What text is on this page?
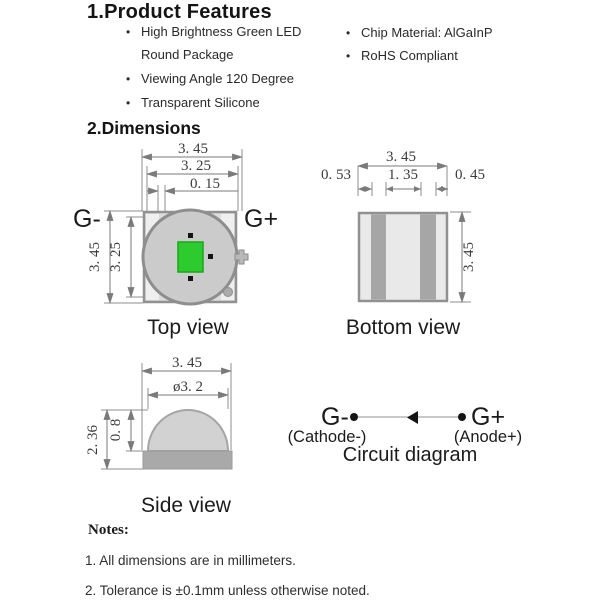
1.Product Features
• High Brightness Green LED
Round Package
• Viewing Angle 120 Degree
• Transparent Silicone
• Chip Material: AlGaInP
• RoHS Compliant
2.Dimensions
3. 45
3. 25
0. 15
3. 45 3. 25
G-	G+
Top view
3. 45
0. 53 1. 35 0. 45
3. 45
Bottom view
3. 45
ø3. 2
2. 36 0. 8
Side view
G-	G+
(Cathode-)	(Anode+)
Circuit diagram
Notes:
1. All dimensions are in millimeters.
2. Tolerance is ±0.1mm unless otherwise noted.
